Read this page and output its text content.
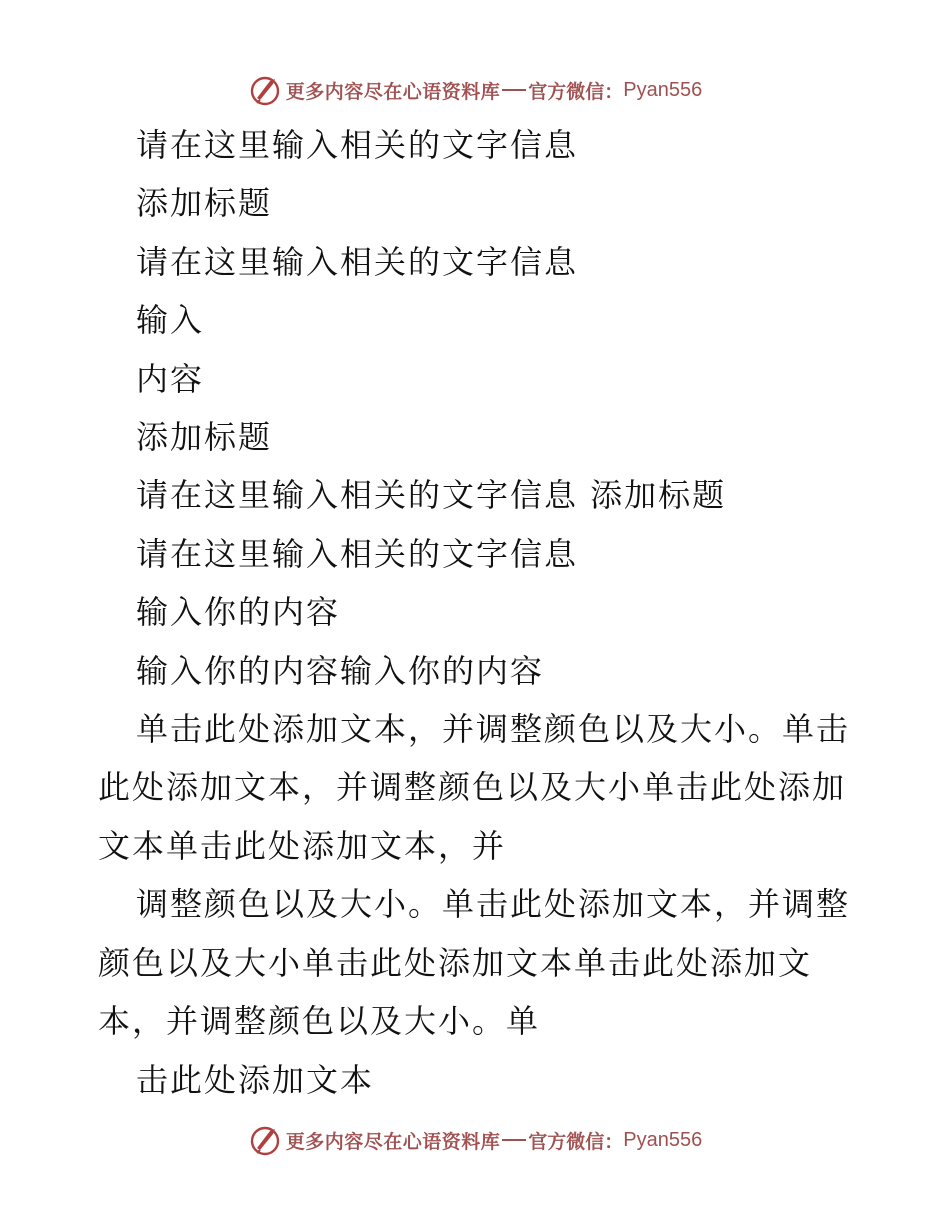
更多内容尽在心语资料库 官方微信： Pyan556

请在这里输入相关的文字信息

添加标题

请在这里输入相关的文字信息

输入

内容

添加标题

请在这里输入相关的文字信息 添加标题

请在这里输入相关的文字信息

输入你的内容

输入你的内容输入你的内容

单击此处添加文本，并调整颜色以及大小。单击此处添加文本，并调整颜色以及大小单击此处添加文本单击此处添加文本，并

调整颜色以及大小。单击此处添加文本，并调整颜色以及大小单击此处添加文本单击此处添加文本，并调整颜色以及大小。单

击此处添加文本

更多内容尽在心语资料库 官方微信： Pyan556
